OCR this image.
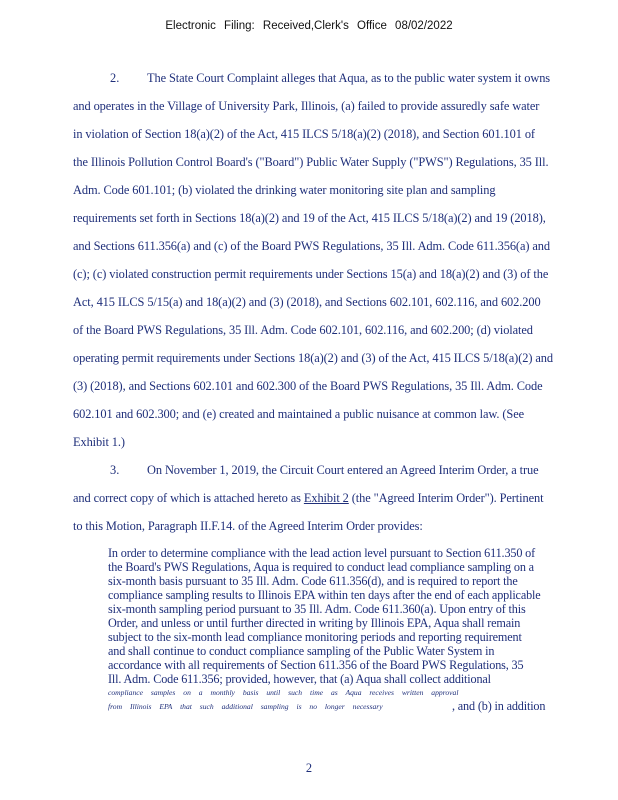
Electronic Filing: Received,Clerk's Office 08/02/2022
2. The State Court Complaint alleges that Aqua, as to the public water system it owns
and operates in the Village of University Park, Illinois, (a) failed to provide assuredly safe water
in violation of Section 18(a)(2) of the Act, 415 ILCS 5/18(a)(2) (2018), and Section 601.101 of
the Illinois Pollution Control Board's ("Board") Public Water Supply ("PWS") Regulations, 35 Ill.
Adm. Code 601.101; (b) violated the drinking water monitoring site plan and sampling
requirements set forth in Sections 18(a)(2) and 19 of the Act, 415 ILCS 5/18(a)(2) and 19 (2018),
and Sections 611.356(a) and (c) of the Board PWS Regulations, 35 Ill. Adm. Code 611.356(a) and
(c); (c) violated construction permit requirements under Sections 15(a) and 18(a)(2) and (3) of the
Act, 415 ILCS 5/15(a) and 18(a)(2) and (3) (2018), and Sections 602.101, 602.116, and 602.200
of the Board PWS Regulations, 35 Ill. Adm. Code 602.101, 602.116, and 602.200; (d) violated
operating permit requirements under Sections 18(a)(2) and (3) of the Act, 415 ILCS 5/18(a)(2) and
(3) (2018), and Sections 602.101 and 602.300 of the Board PWS Regulations, 35 Ill. Adm. Code
602.101 and 602.300; and (e) created and maintained a public nuisance at common law. (See
Exhibit 1.)
3. On November 1, 2019, the Circuit Court entered an Agreed Interim Order, a true
and correct copy of which is attached hereto as Exhibit 2 (the "Agreed Interim Order"). Pertinent
to this Motion, Paragraph II.F.14. of the Agreed Interim Order provides:
In order to determine compliance with the lead action level pursuant to Section 611.350 of
the Board's PWS Regulations, Aqua is required to conduct lead compliance sampling on a
six-month basis pursuant to 35 Ill. Adm. Code 611.356(d), and is required to report the
compliance sampling results to Illinois EPA within ten days after the end of each applicable
six-month sampling period pursuant to 35 Ill. Adm. Code 611.360(a). Upon entry of this
Order, and unless or until further directed in writing by Illinois EPA, Aqua shall remain
subject to the six-month lead compliance monitoring periods and reporting requirement
and shall continue to conduct compliance sampling of the Public Water System in
accordance with all requirements of Section 611.356 of the Board PWS Regulations, 35
Ill. Adm. Code 611.356; provided, however, that (a) Aqua shall collect additional
compliance samples on a monthly basis until such time as Aqua receives written approval
from Illinois EPA that such additional sampling is no longer necessary	, and (b) in addition
2
